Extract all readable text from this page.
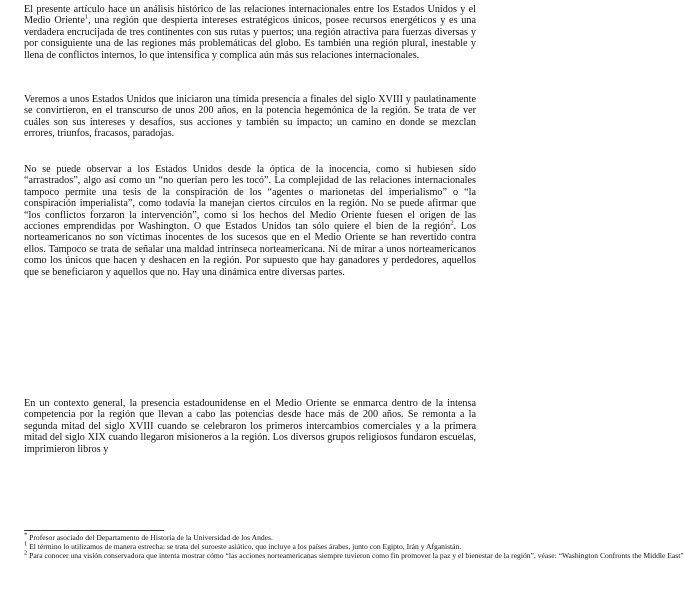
El presente artículo hace un análisis histórico de las relaciones internacionales entre los Estados Unidos y el Medio Oriente$^1$, una región que despierta intereses estratégicos únicos, posee recursos energéticos y es una verdadera encrucijada de tres continentes con sus rutas y puertos; una región atractiva para fuerzas diversas y por consiguiente una de las regiones más problemáticas del globo. Es también una región plural, inestable y llena de conflictos internos, lo que intensifica y complica aún más sus relaciones internacionales.

Veremos a unos Estados Unidos que iniciaron una tímida presencia a finales del siglo XVIII y paulatinamente se convirtieron, en el transcurso de unos 200 años, en la potencia hegemónica de la región. Se trata de ver cuáles son sus intereses y desafíos, sus acciones y también su impacto; un camino en donde se mezclan errores, triunfos, fracasos, paradojas.

No se puede observar a los Estados Unidos desde la óptica de la inocencia, como si hubiesen sido “arrastrados”, algo así como un “no querían pero les tocó”. La complejidad de las relaciones internacionales tampoco permite una tesis de la conspiración de los “agentes o marionetas del imperialismo” o “la conspiración imperialista”, como todavía la manejan ciertos círculos en la región. No se puede afirmar que “los conflictos forzaron la intervención”, como si los hechos del Medio Oriente fuesen el origen de las acciones emprendidas por Washington. O que Estados Unidos tan sólo quiere el bien de la región$^2$. Los norteamericanos no son víctimas inocentes de los sucesos que en el Medio Oriente se han revertido contra ellos. Tampoco se trata de señalar una maldad intrínseca norteamericana. Ni de mirar a unos norteamericanos como los únicos que hacen y deshacen en la región. Por supuesto que hay ganadores y perdedores, aquellos que se beneficiaron y aquellos que no. Hay una dinámica entre diversas partes.

En un contexto general, la presencia estadounidense en el Medio Oriente se enmarca dentro de la intensa competencia por la región que llevan a cabo las potencias desde hace más de 200 años. Se remonta a la segunda mitad del siglo XVIII cuando se celebraron los primeros intercambios comerciales y a la primera mitad del siglo XIX cuando llegaron misioneros a la región. Los diversos grupos religiosos fundaron escuelas, imprimieron libros y

* Profesor asociado del Departamento de Historia de la Universidad de los Andes.

$^1$ El término lo utilizamos de manera estrecha: se trata del suroeste asiático, que incluye a los países árabes, junto con Egipto, Irán y Afganistán.

$^2$ Para conocer una visión conservadora que intenta mostrar cómo “las acciones norteamericanas siempre tuvieron como fin promover la paz y el bienestar de la región”, véase: “Washington Confronts the Middle East”
